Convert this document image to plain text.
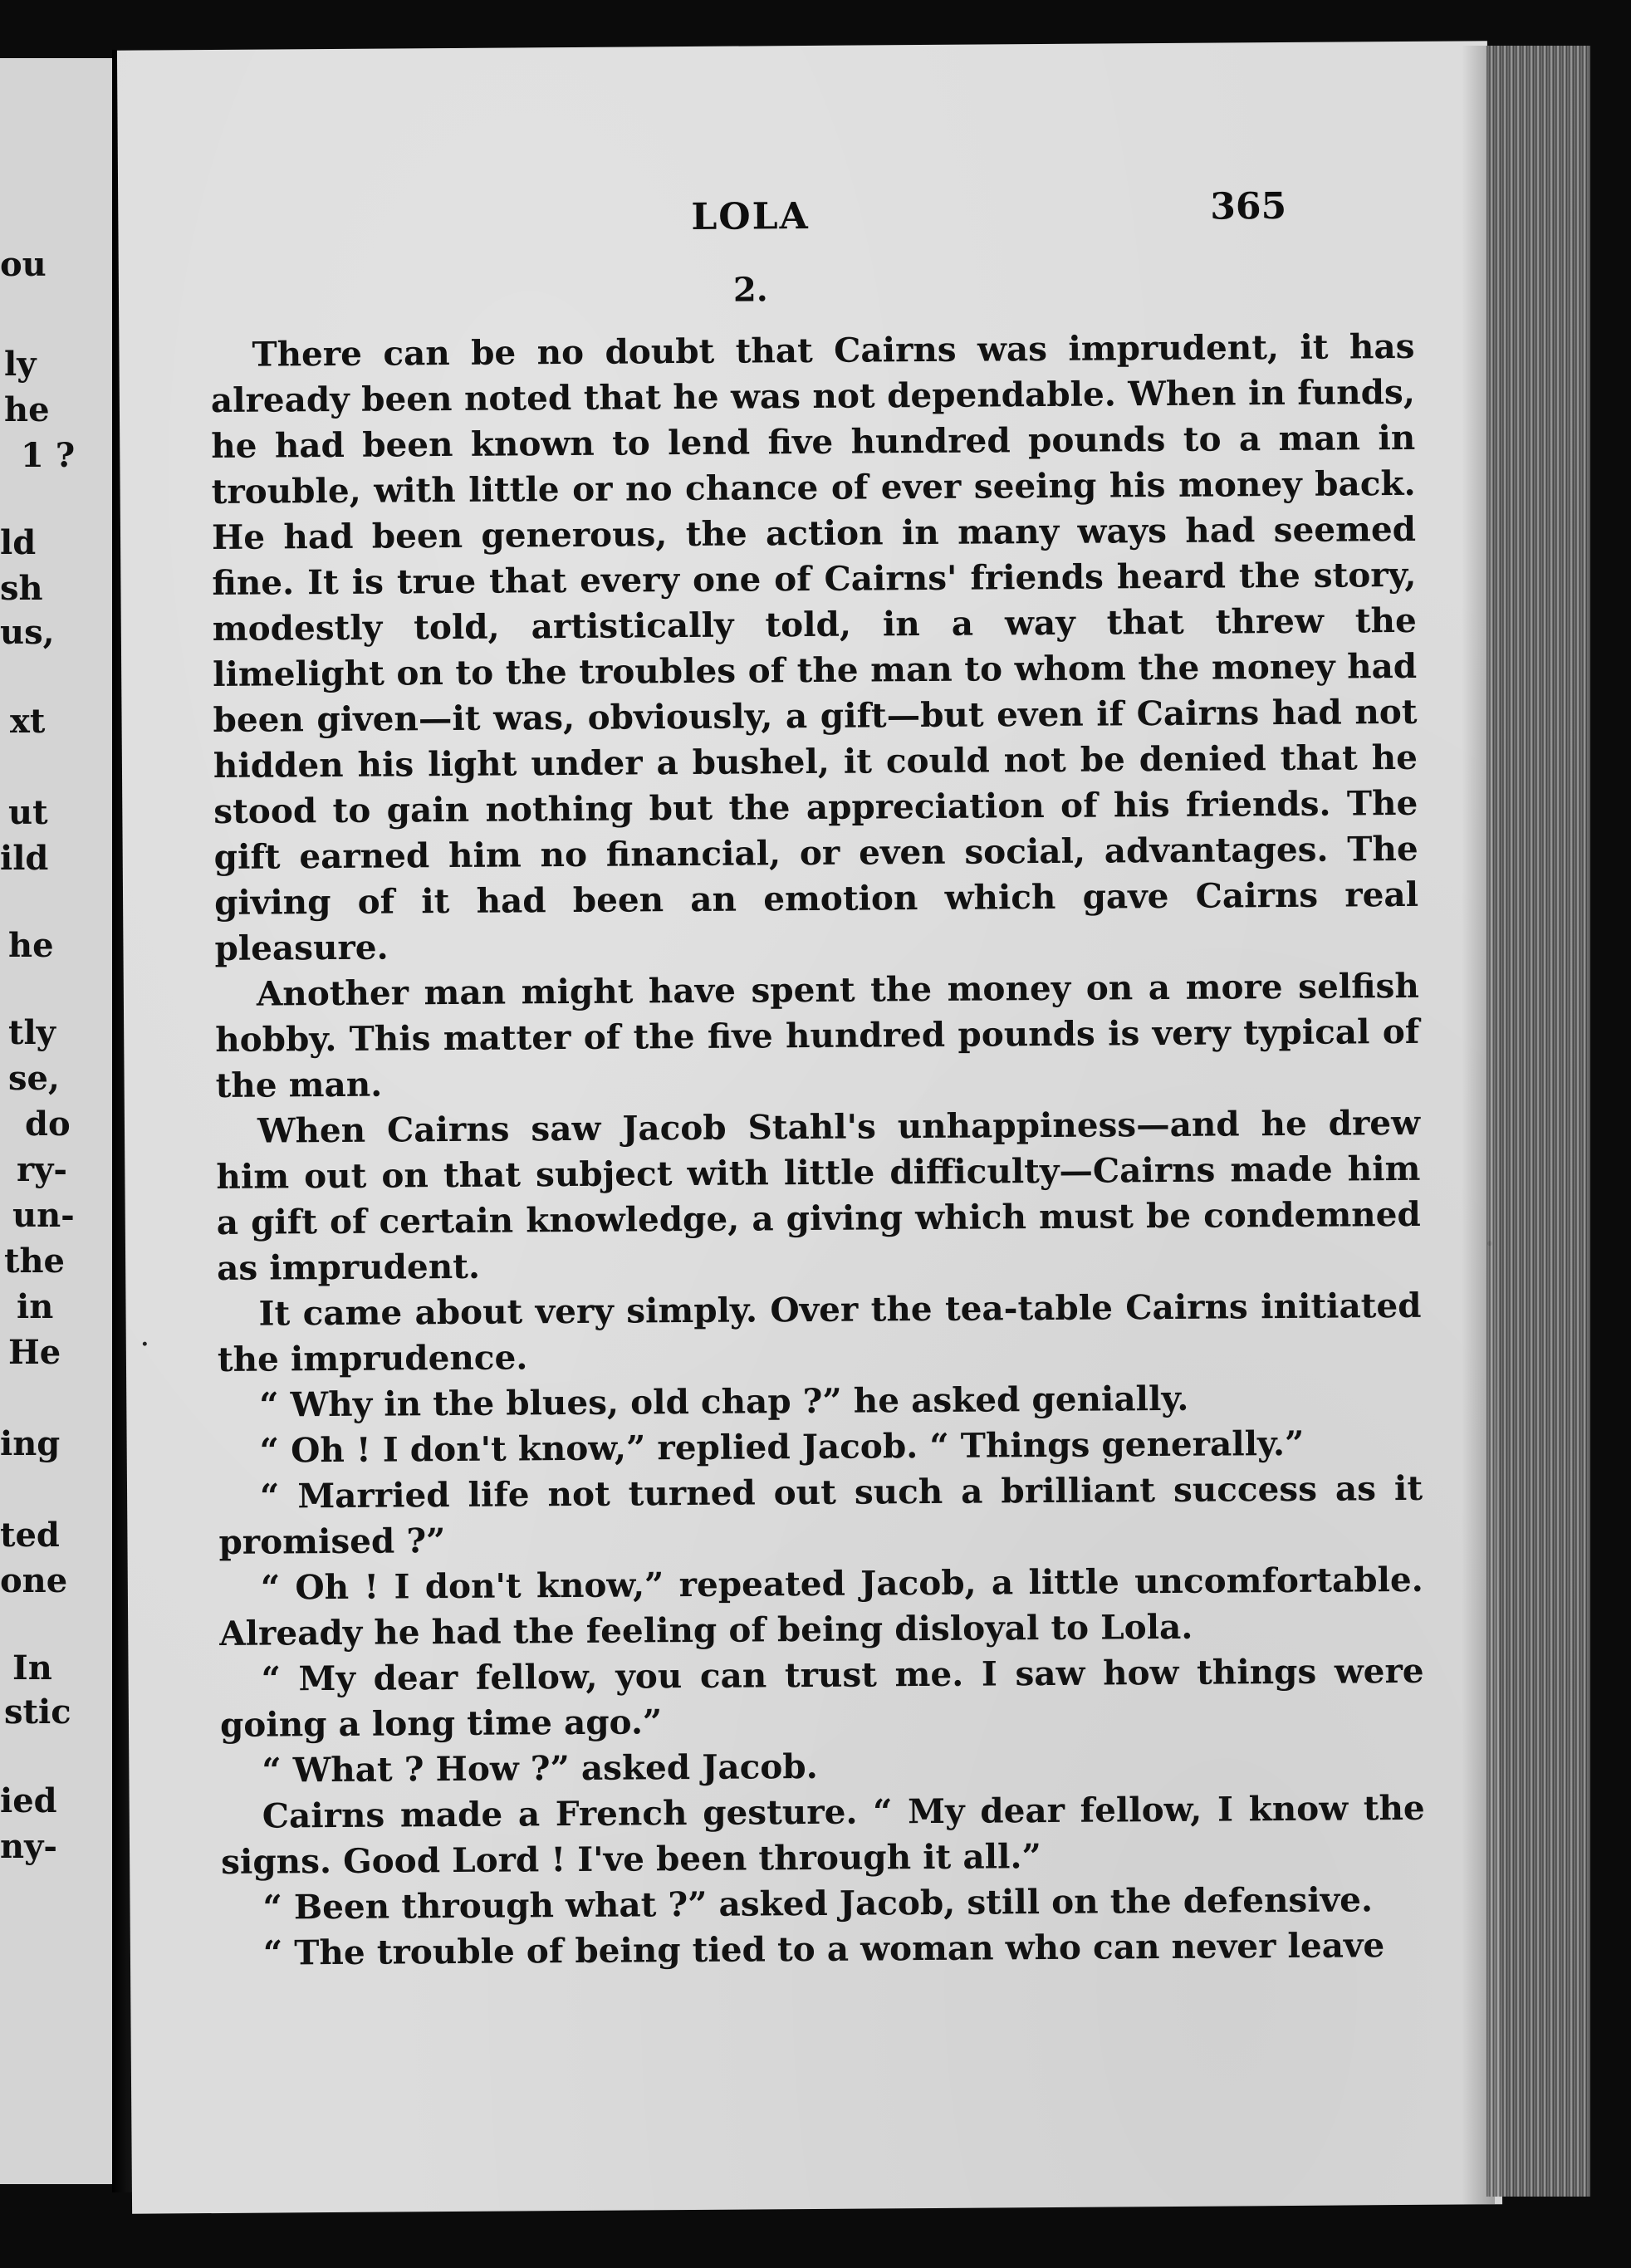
ou
ly
he
1 ?
ld
sh
us,
xt
ut
ild
he
tly
se,
do
ry-
un-
the
in
He
ing
ted
one
In
stic
ied
ny-
LOLA	365
2.

There can be no doubt that Cairns was imprudent, it has already been noted that he was not dependable. When in funds, he had been known to lend five hundred pounds to a man in trouble, with little or no chance of ever seeing his money back. He had been generous, the action in many ways had seemed fine. It is true that every one of Cairns' friends heard the story, modestly told, artistically told, in a way that threw the limelight on to the troubles of the man to whom the money had been given—it was, obviously, a gift—but even if Cairns had not hidden his light under a bushel, it could not be denied that he stood to gain nothing but the appreciation of his friends. The gift earned him no financial, or even social, advantages. The giving of it had been an emotion which gave Cairns real pleasure.

Another man might have spent the money on a more selfish hobby. This matter of the five hundred pounds is very typical of the man.

When Cairns saw Jacob Stahl's unhappiness—and he drew him out on that subject with little difficulty—Cairns made him a gift of certain knowledge, a giving which must be condemned as imprudent.

It came about very simply. Over the tea-table Cairns initiated the imprudence.

“ Why in the blues, old chap ?” he asked genially.

“ Oh ! I don't know,” replied Jacob. “ Things generally.”

“ Married life not turned out such a brilliant success as it promised ?”

“ Oh ! I don't know,” repeated Jacob, a little uncomfortable. Already he had the feeling of being disloyal to Lola.

“ My dear fellow, you can trust me. I saw how things were going a long time ago.”

“ What ? How ?” asked Jacob.

Cairns made a French gesture. “ My dear fellow, I know the signs. Good Lord ! I've been through it all.”

“ Been through what ?” asked Jacob, still on the defensive.

“ The trouble of being tied to a woman who can never leave
